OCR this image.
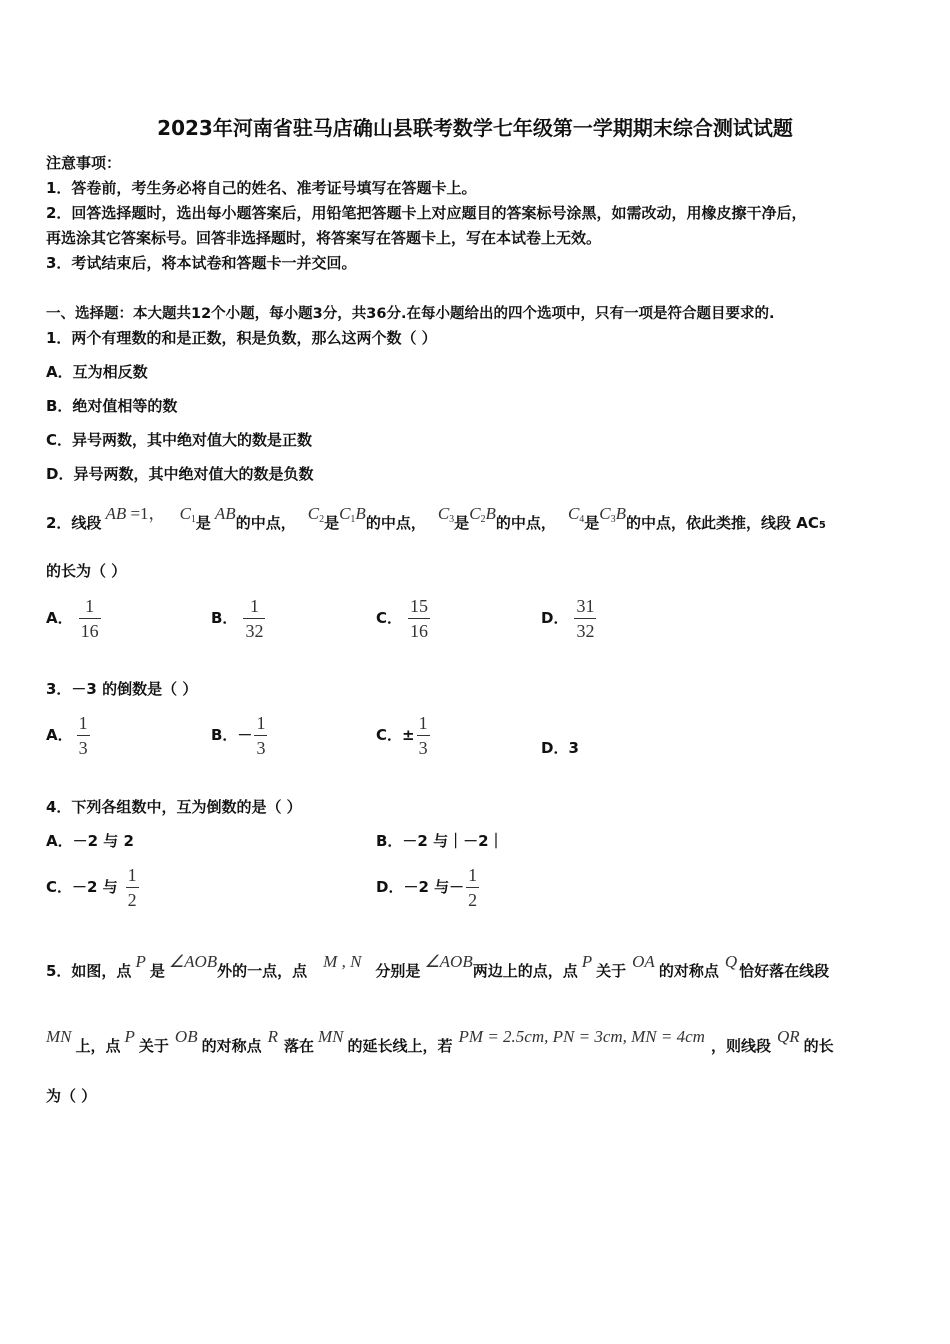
2023年河南省驻马店确山县联考数学七年级第一学期期末综合测试试题
注意事项：
1．答卷前，考生务必将自己的姓名、准考证号填写在答题卡上。
2．回答选择题时，选出每小题答案后，用铅笔把答题卡上对应题目的答案标号涂黑，如需改动，用橡皮擦干净后，
再选涂其它答案标号。回答非选择题时，将答案写在答题卡上，写在本试卷上无效。
3．考试结束后，将本试卷和答题卡一并交回。
一、选择题：本大题共12个小题，每小题3分，共36分.在每小题给出的四个选项中，只有一项是符合题目要求的.
1．两个有理数的和是正数，积是负数，那么这两个数（ ）
A．互为相反数
B．绝对值相等的数
C．异号两数，其中绝对值大的数是正数
D．异号两数，其中绝对值大的数是负数
2．线段 AB =1， $C_1$是 AB的中点， $C_2$是$C_1B$的中点， $C_3$是$C_2B$的中点， $C_4$是$C_3B$的中点，依此类推，线段 AC5
的长为（ ）
A． $\frac{1}{16}$	B． $\frac{1}{32}$	C． $\frac{15}{16}$	D． $\frac{31}{32}$
3．－3 的倒数是（ ）
A． $\frac{1}{3}$	B．－ $\frac{1}{3}$	C．± $\frac{1}{3}$	D．3
4．下列各组数中，互为倒数的是（ ）
A．－2 与 2	B．－2 与｜－2｜
C．－2 与 $\frac{1}{2}$	D．－2 与－ $\frac{1}{2}$
5．如图，点 P 是 ∠AOB外的一点，点 M , N 分别是 ∠AOB两边上的点，点 P 关于 OA 的对称点 Q 恰好落在线段
MN 上，点 P 关于 OB 的对称点 R 落在 MN 的延长线上，若 PM = 2.5cm, PN = 3cm, MN = 4cm ，则线段 QR 的长
为（ ）
